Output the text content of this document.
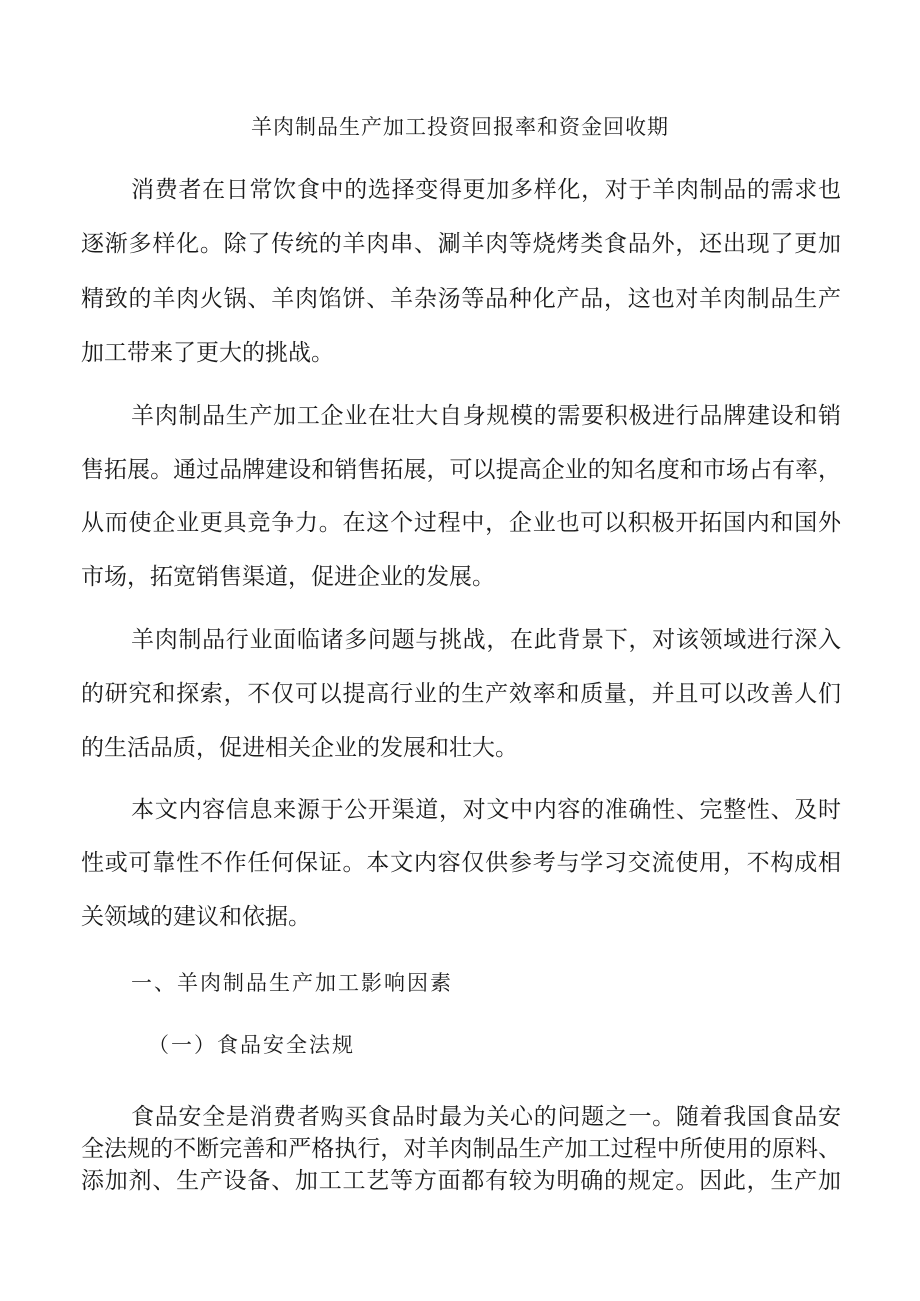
羊肉制品生产加工投资回报率和资金回收期
消费者在日常饮食中的选择变得更加多样化，对于羊肉制品的需求也
逐渐多样化。除了传统的羊肉串、涮羊肉等烧烤类食品外，还出现了更加
精致的羊肉火锅、羊肉馅饼、羊杂汤等品种化产品，这也对羊肉制品生产
加工带来了更大的挑战。
羊肉制品生产加工企业在壮大自身规模的需要积极进行品牌建设和销
售拓展。通过品牌建设和销售拓展，可以提高企业的知名度和市场占有率，
从而使企业更具竞争力。在这个过程中，企业也可以积极开拓国内和国外
市场，拓宽销售渠道，促进企业的发展。
羊肉制品行业面临诸多问题与挑战，在此背景下，对该领域进行深入
的研究和探索，不仅可以提高行业的生产效率和质量，并且可以改善人们
的生活品质，促进相关企业的发展和壮大。
本文内容信息来源于公开渠道，对文中内容的准确性、完整性、及时
性或可靠性不作任何保证。本文内容仅供参考与学习交流使用，不构成相
关领域的建议和依据。
一、羊肉制品生产加工影响因素
（一）食品安全法规
食品安全是消费者购买食品时最为关心的问题之一。随着我国食品安
全法规的不断完善和严格执行，对羊肉制品生产加工过程中所使用的原料、
添加剂、生产设备、加工工艺等方面都有较为明确的规定。因此，生产加
